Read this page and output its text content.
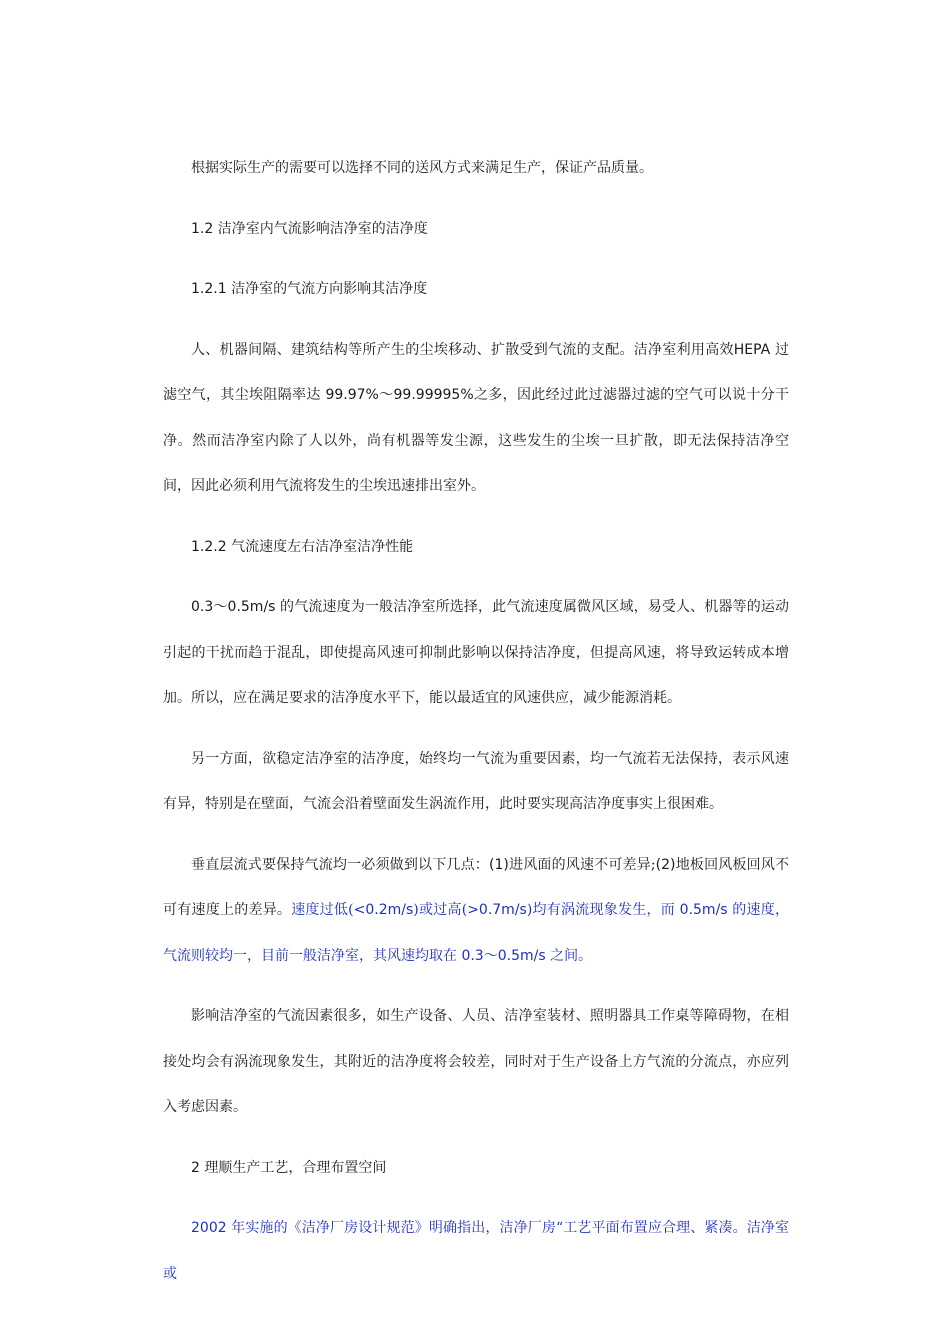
根据实际生产的需要可以选择不同的送风方式来满足生产，保证产品质量。

1.2 洁净室内气流影响洁净室的洁净度

1.2.1 洁净室的气流方向影响其洁净度

人、机器间隔、建筑结构等所产生的尘埃移动、扩散受到气流的支配。洁净室利用高效HEPA 过滤空气，其尘埃阻隔率达 99.97%～99.99995%之多，因此经过此过滤器过滤的空气可以说十分干净。然而洁净室内除了人以外，尚有机器等发尘源，这些发生的尘埃一旦扩散，即无法保持洁净空间，因此必须利用气流将发生的尘埃迅速排出室外。

1.2.2 气流速度左右洁净室洁净性能

0.3～0.5m/s 的气流速度为一般洁净室所选择，此气流速度属微风区域，易受人、机器等的运动引起的干扰而趋于混乱，即使提高风速可抑制此影响以保持洁净度，但提高风速，将导致运转成本增加。所以，应在满足要求的洁净度水平下，能以最适宜的风速供应，减少能源消耗。

另一方面，欲稳定洁净室的洁净度，始终均一气流为重要因素，均一气流若无法保持，表示风速有异，特别是在壁面，气流会沿着壁面发生涡流作用，此时要实现高洁净度事实上很困难。

垂直层流式要保持气流均一必须做到以下几点：(1)进风面的风速不可差异;(2)地板回风板回风不可有速度上的差异。速度过低(<0.2m/s)或过高(>0.7m/s)均有涡流现象发生，而 0.5m/s 的速度，气流则较均一，目前一般洁净室，其风速均取在 0.3～0.5m/s 之间。

影响洁净室的气流因素很多，如生产设备、人员、洁净室装材、照明器具工作桌等障碍物，在相接处均会有涡流现象发生，其附近的洁净度将会较差，同时对于生产设备上方气流的分流点，亦应列入考虑因素。

2 理顺生产工艺，合理布置空间

2002 年实施的《洁净厂房设计规范》明确指出，洁净厂房“工艺平面布置应合理、紧凑。洁净室或
